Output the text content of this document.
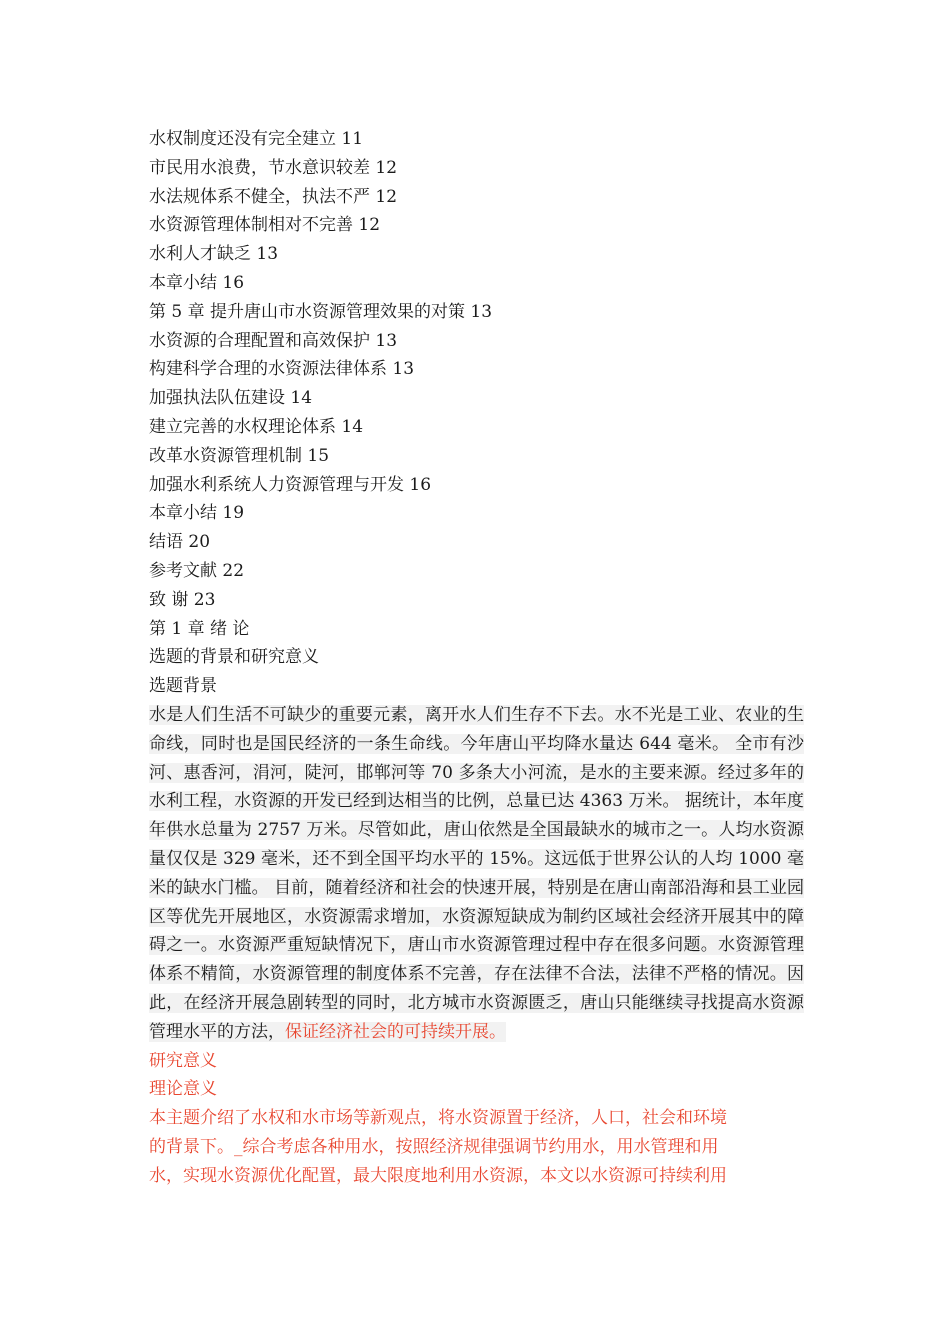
水权制度还没有完全建立 11
市民用水浪费，节水意识较差 12
水法规体系不健全，执法不严 12
水资源管理体制相对不完善 12
水利人才缺乏 13
本章小结 16
第 5 章 提升唐山市水资源管理效果的对策 13
水资源的合理配置和高效保护 13
构建科学合理的水资源法律体系 13
加强执法队伍建设 14
建立完善的水权理论体系 14
改革水资源管理机制 15
加强水利系统人力资源管理与开发 16
本章小结 19
结语 20
参考文献 22
致 谢 23
第 1 章 绪 论
选题的背景和研究意义
选题背景

水是人们生活不可缺少的重要元素，离开水人们生存不下去。水不光是工业、农业的生命线，同时也是国民经济的一条生命线。今年唐山平均降水量达 644 毫米。 全市有沙河、惠香河，涓河，陡河，邯郸河等 70 多条大小河流，是水的主要来源。经过多年的水利工程，水资源的开发已经到达相当的比例，总量已达 4363 万米。 据统计，本年度年供水总量为 2757 万米。尽管如此，唐山依然是全国最缺水的城市之一。人均水资源量仅仅是 329 毫米，还不到全国平均水平的 15%。这远低于世界公认的人均 1000 毫米的缺水门槛。 目前，随着经济和社会的快速开展，特别是在唐山南部沿海和县工业园区等优先开展地区，水资源需求增加，水资源短缺成为制约区域社会经济开展其中的障碍之一。水资源严重短缺情况下，唐山市水资源管理过程中存在很多问题。水资源管理体系不精简，水资源管理的制度体系不完善，存在法律不合法，法律不严格的情况。因此，在经济开展急剧转型的同时，北方城市水资源匮乏，唐山只能继续寻找提高水资源管理水平的方法，保证经济社会的可持续开展。

研究意义
理论意义
本主题介绍了水权和水市场等新观点，将水资源置于经济，人口，社会和环境
的背景下。_综合考虑各种用水，按照经济规律强调节约用水，用水管理和用
水，实现水资源优化配置，最大限度地利用水资源，本文以水资源可持续利用
